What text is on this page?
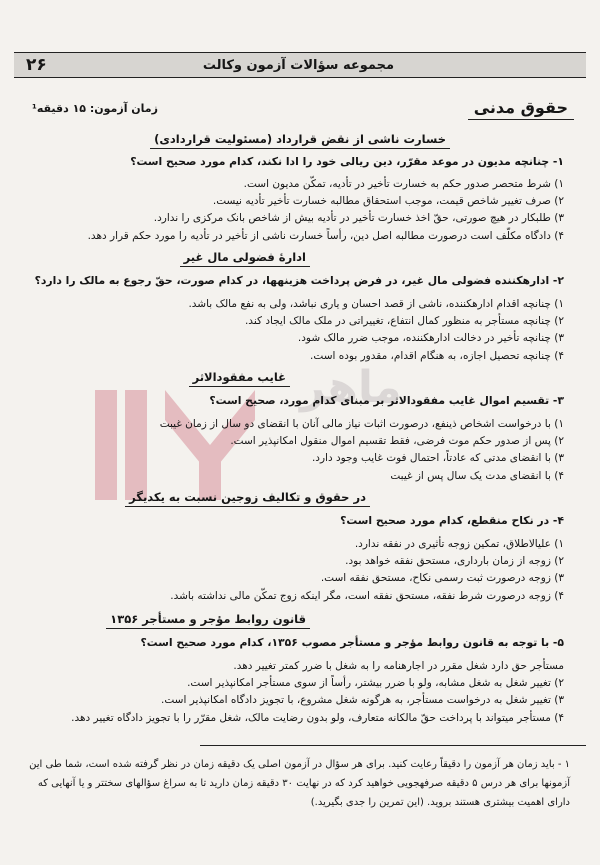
مجموعه سؤالات آزمون وکالت
۲۶
حقوق مدنی
زمان آزمون: ۱۵ دقیقه¹
ماهر
خسارت ناشی از نقض قرارداد (مسئولیت قراردادی)
۱- چنانچه مدیون در موعد مقرّر، دین ریالی خود را ادا نکند، کدام مورد صحیح است؟
۱) شرط متحصر صدور حکم به خسارت تأخیر در تأدیه، تمکّن مدیون است.
۲) صرف تغییر شاخص قیمت، موجب استحقاق مطالبه خسارت تأخیر تأدیه نیست.
۳) طلبکار در هیچ صورتی، حقّ اخذ خسارت تأخیر در تأدیه بیش از شاخص بانک مرکزی را ندارد.
۴) دادگاه مکلّف است درصورت مطالبه اصل دین، رأساً خسارت ناشی از تأخیر در تأدیه را مورد حکم قرار دهد.
ادارهٔ فضولی مال غیر
۲- ادارهکننده فضولی مال غیر، در فرض پرداخت هزینهها، در کدام صورت، حقّ رجوع به مالک را دارد؟
۱) چنانچه اقدام ادارهکننده، ناشی از قصد احسان و یاری نباشد، ولی به نفع مالک باشد.
۲) چنانچه مستأجر به منظور کمال انتفاع، تغییراتی در ملک مالک ایجاد کند.
۳) چنانچه تأخیر در دخالت ادارهکننده، موجب ضرر مالک شود.
۴) چنانچه تحصیل اجازه، به هنگام اقدام، مقدور بوده است.
غایب مفقودالاثر
۳- تقسیم اموال غایب مفقودالاثر بر مبنای کدام مورد، صحیح است؟
۱) با درخواست اشخاص ذینفع، درصورت اثبات نیاز مالی آنان با انقضای دو سال از زمان غیبت
۲) پس از صدور حکم موت فرضی، فقط تقسیم اموال منقول امکانپذیر است.
۳) با انقضای مدتی که عادتاً، احتمال فوت غایب وجود دارد.
۴) با انقضای مدت یک سال پس از غیبت
در حقوق و تکالیف زوجین نسبت به یکدیگر
۴- در نکاح منقطع، کدام مورد صحیح است؟
۱) علیالاطلاق، تمکین زوجه تأثیری در نفقه ندارد.
۲) زوجه از زمان بارداری، مستحق نفقه خواهد بود.
۳) زوجه درصورت ثبت رسمی نکاح، مستحق نفقه است.
۴) زوجه درصورت شرط نفقه، مستحق نفقه است، مگر اینکه زوج تمکّن مالی نداشته باشد.
قانون روابط مؤجر و مستأجر ۱۳۵۶
۵- با توجه به قانون روابط مؤجر و مستأجر مصوب ۱۳۵۶، کدام مورد صحیح است؟
مستأجر حق دارد شغل مقرر در اجارهنامه را به شغل با ضرر کمتر تغییر دهد.
۲) تغییر شغل به شغل مشابه، ولو با ضرر بیشتر، رأساً از سوی مستأجر امکانپذیر است.
۳) تغییر شغل به درخواست مستأجر، به هرگونه شغل مشروع، با تجویز دادگاه امکانپذیر است.
۴) مستأجر میتواند با پرداخت حقّ مالکانه متعارف، ولو بدون رضایت مالک، شغل مقرّر را با تجویز دادگاه تغییر دهد.
۱ - باید زمان هر آزمون را دقیقاً رعایت کنید. برای هر سؤال در آزمون اصلی یک دقیقه زمان در نظر گرفته شده است، شما طی این آزمونها برای هر درس ۵ دقیقه صرفهجویی خواهید کرد که در نهایت ۳۰ دقیقه زمان دارید تا به سراغ سؤالهای سختتر و یا آنهایی که دارای اهمیت بیشتری هستند بروید. (این تمرین را جدی بگیرید.)
